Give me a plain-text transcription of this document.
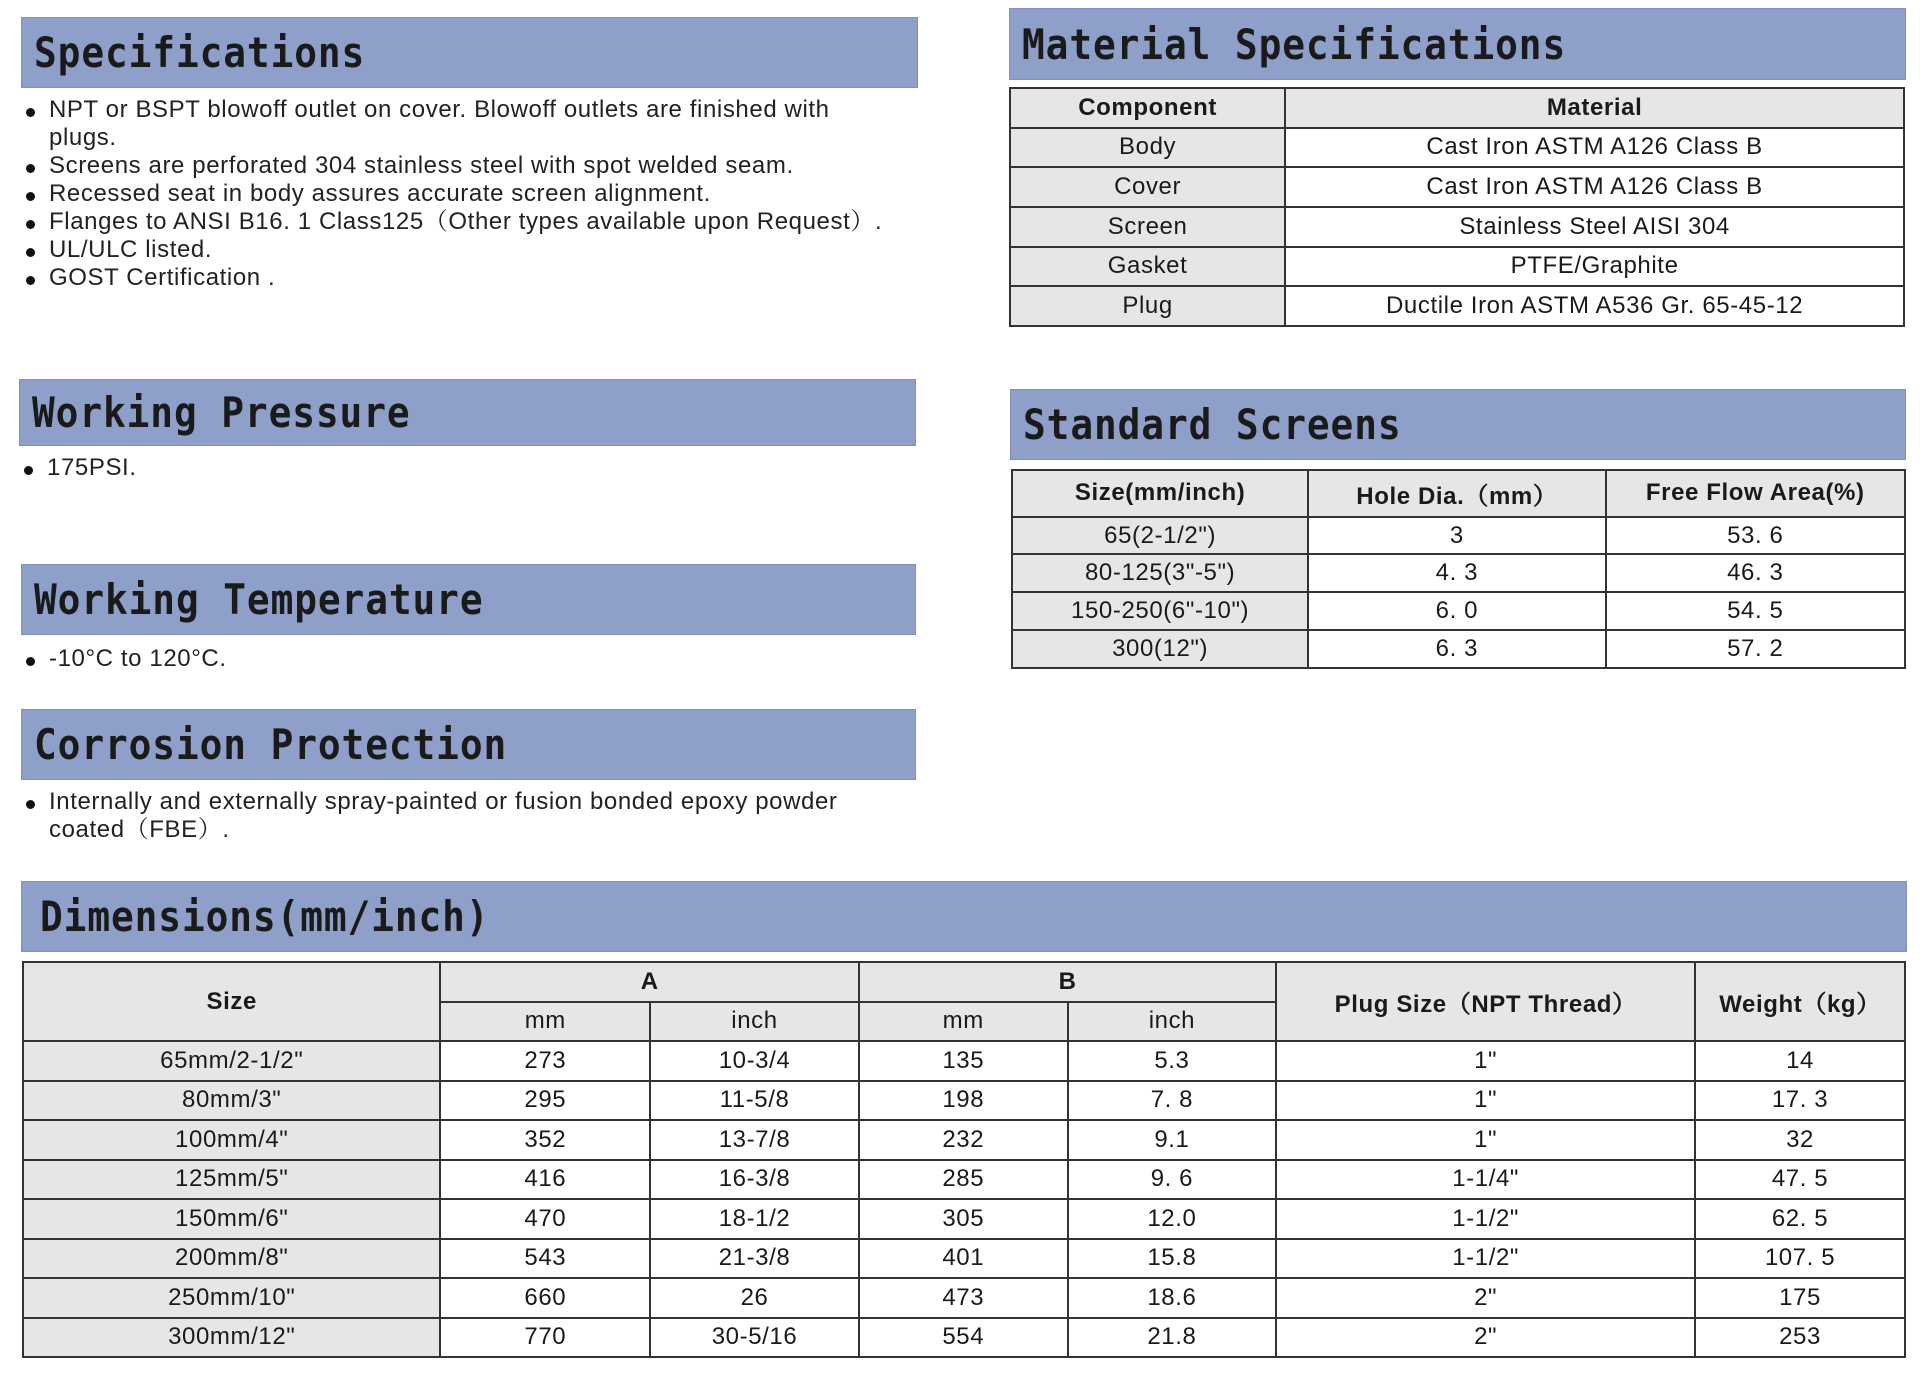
Specifications
NPT or BSPT blowoff outlet on cover. Blowoff outlets are finished with plugs.
Screens are perforated 304 stainless steel with spot welded seam.
Recessed seat in body assures accurate screen alignment.
Flanges to ANSI B16. 1 Class125（Other types available upon Request）.
UL/ULC listed.
GOST Certification .
Working Pressure
175PSI.
Working Temperature
-10°C to 120°C.
Corrosion Protection
Internally and externally spray-painted or fusion bonded epoxy powder coated（FBE）.
Material Specifications
Component	Material
Body	Cast Iron ASTM A126 Class B
Cover	Cast Iron ASTM A126 Class B
Screen	Stainless Steel AISI 304
Gasket	PTFE/Graphite
Plug	Ductile Iron ASTM A536 Gr. 65-45-12
Standard Screens
Size(mm/inch)	Hole Dia.（mm）	Free Flow Area(%)
65(2-1/2")	3	53. 6
80-125(3"-5")	4. 3	46. 3
150-250(6"-10")	6. 0	54. 5
300(12")	6. 3	57. 2
Dimensions(mm/inch)
Size	A		B		Plug Size（NPT Thread）	Weight（kg）
	mm	inch	mm	inch		
65mm/2-1/2"	273	10-3/4	135	5.3	1"	14
80mm/3"	295	11-5/8	198	7. 8	1"	17. 3
100mm/4"	352	13-7/8	232	9.1	1"	32
125mm/5"	416	16-3/8	285	9. 6	1-1/4"	47. 5
150mm/6"	470	18-1/2	305	12.0	1-1/2"	62. 5
200mm/8"	543	21-3/8	401	15.8	1-1/2"	107. 5
250mm/10"	660	26	473	18.6	2"	175
300mm/12"	770	30-5/16	554	21.8	2"	253
